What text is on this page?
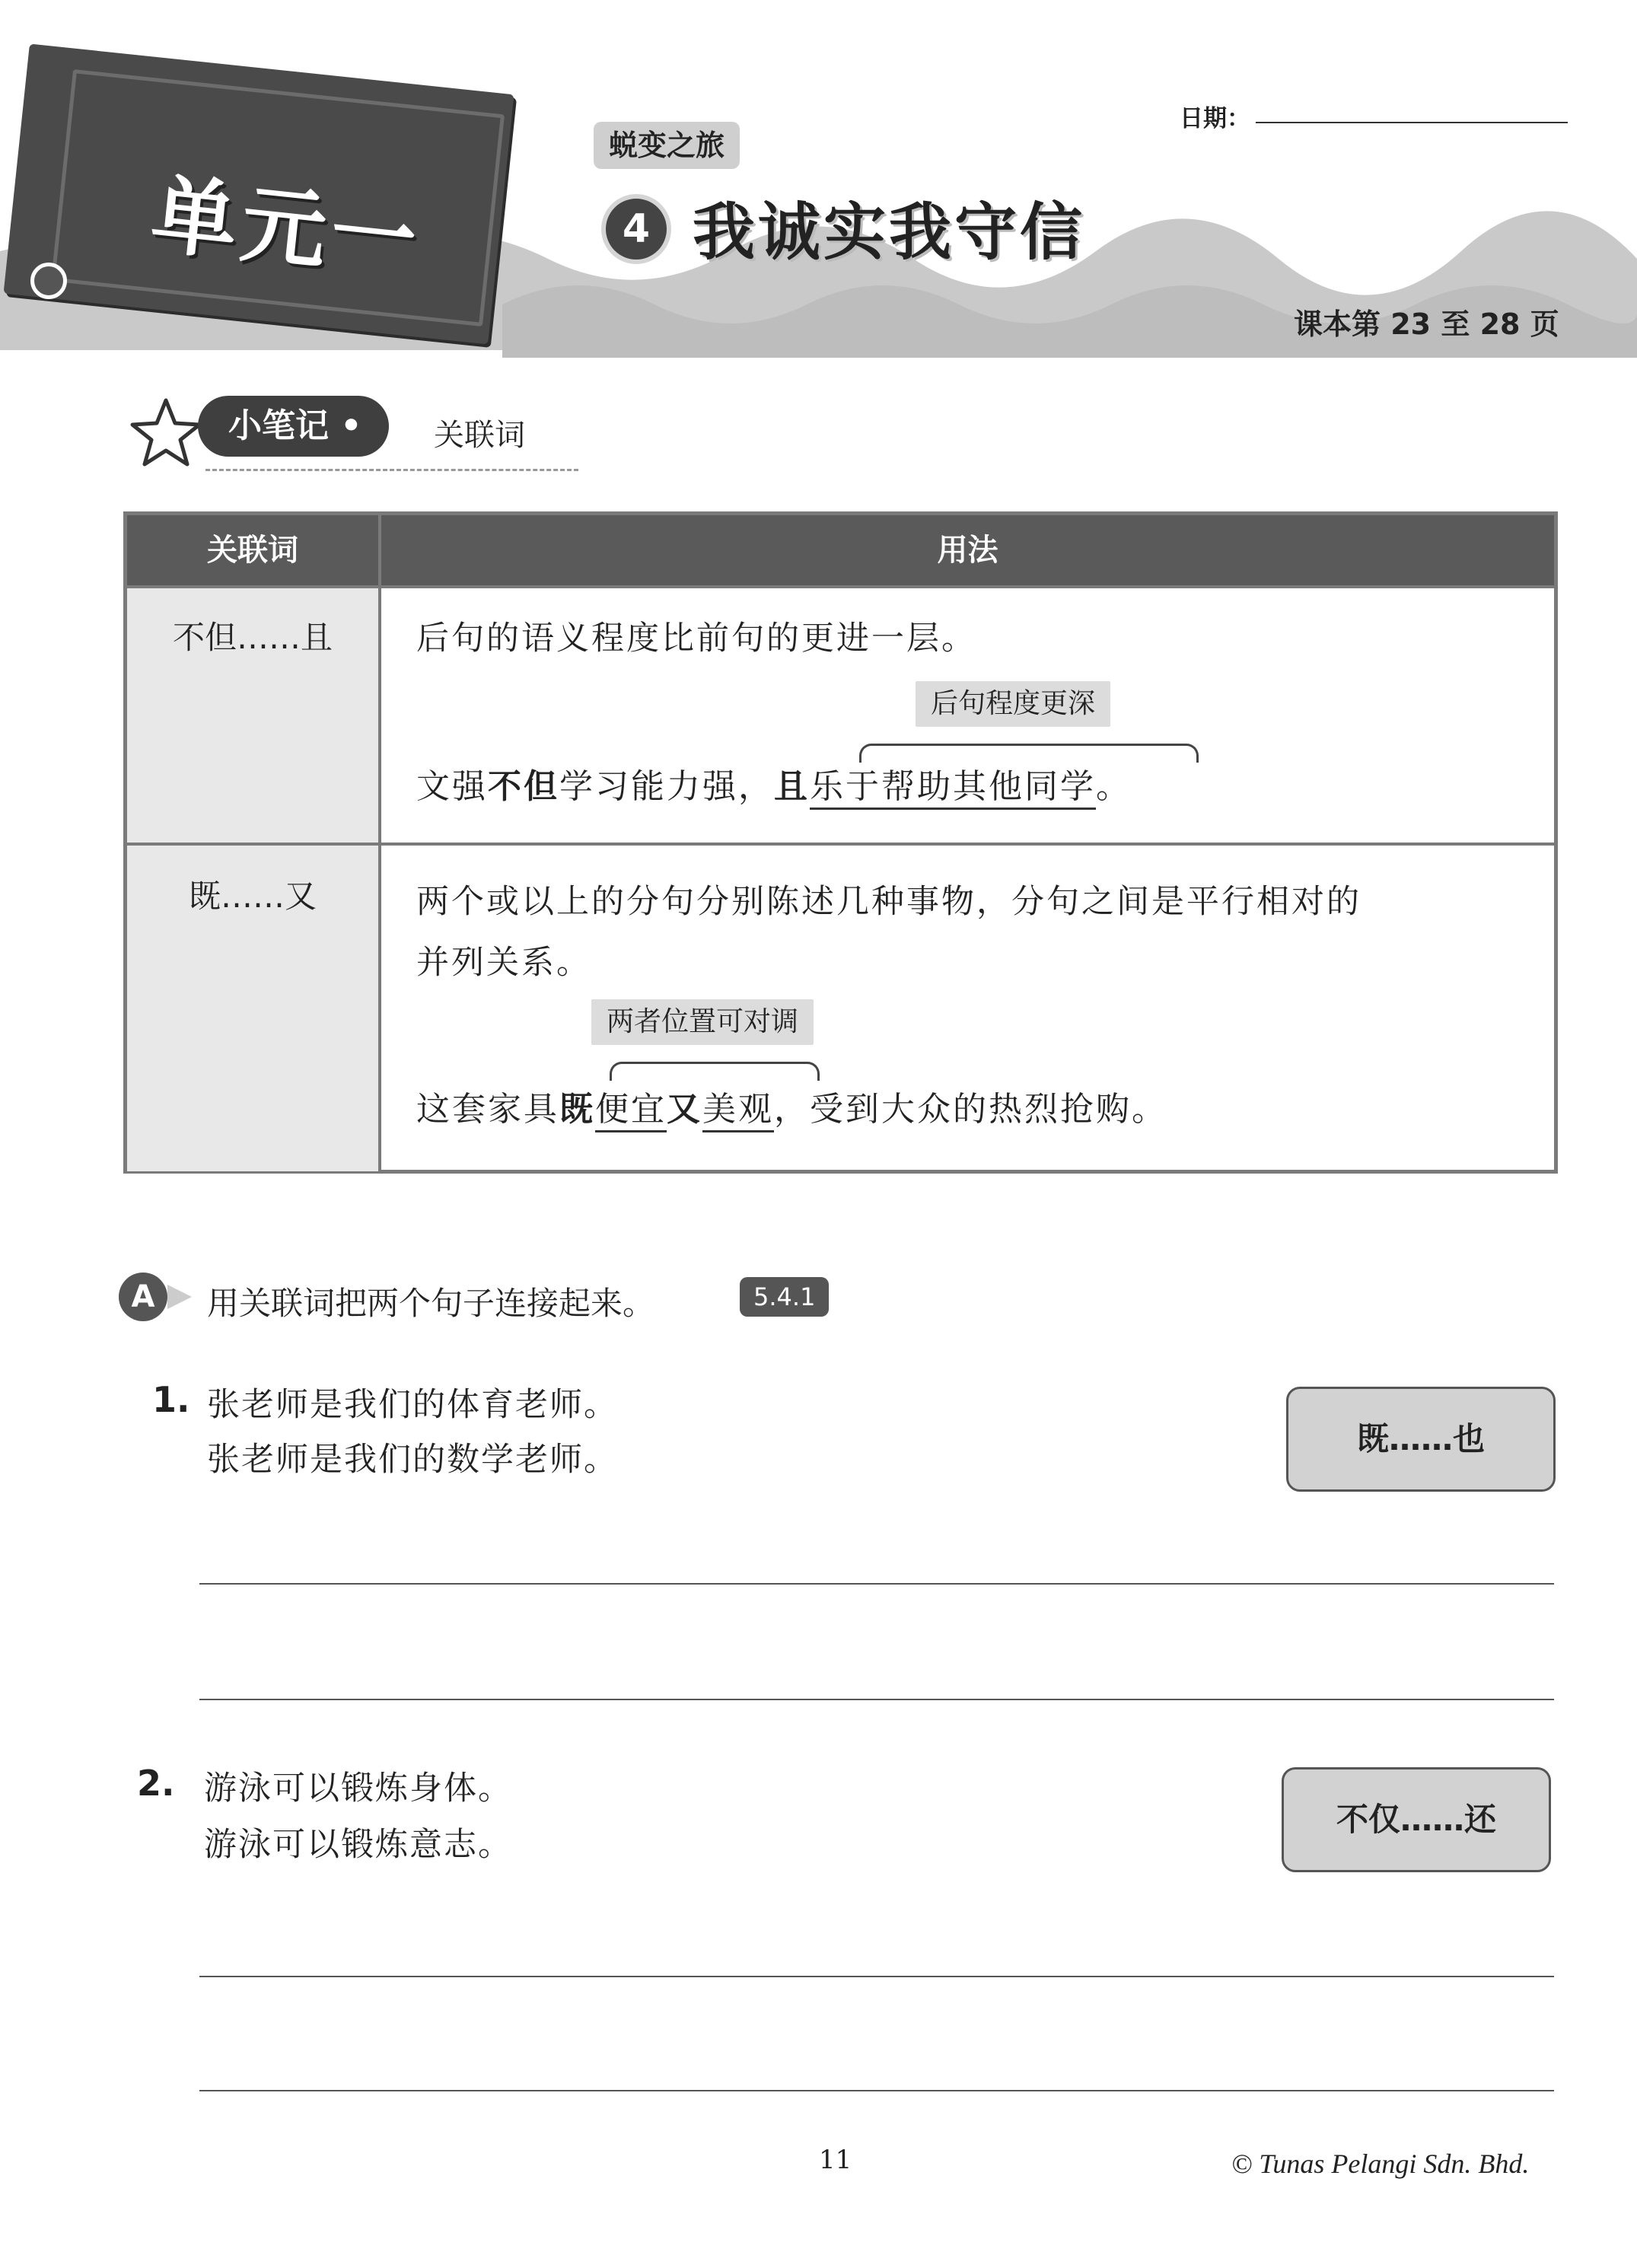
单元一
日期：
蜕变之旅
4 我诚实我守信
课本第 23 至 28 页
小笔记 •	关联词
关联词	用法
不但……且	后句的语义程度比前句的更进一层。
后句程度更深
文强不但学习能力强，且乐于帮助其他同学。
既……又	两个或以上的分句分别陈述几种事物，分句之间是平行相对的
并列关系。
两者位置可对调
这套家具既便宜又美观，受到大众的热烈抢购。
A	用关联词把两个句子连接起来。	5.4.1
1. 张老师是我们的体育老师。
张老师是我们的数学老师。
既……也
2. 游泳可以锻炼身体。
游泳可以锻炼意志。
不仅……还
11	© Tunas Pelangi Sdn. Bhd.
